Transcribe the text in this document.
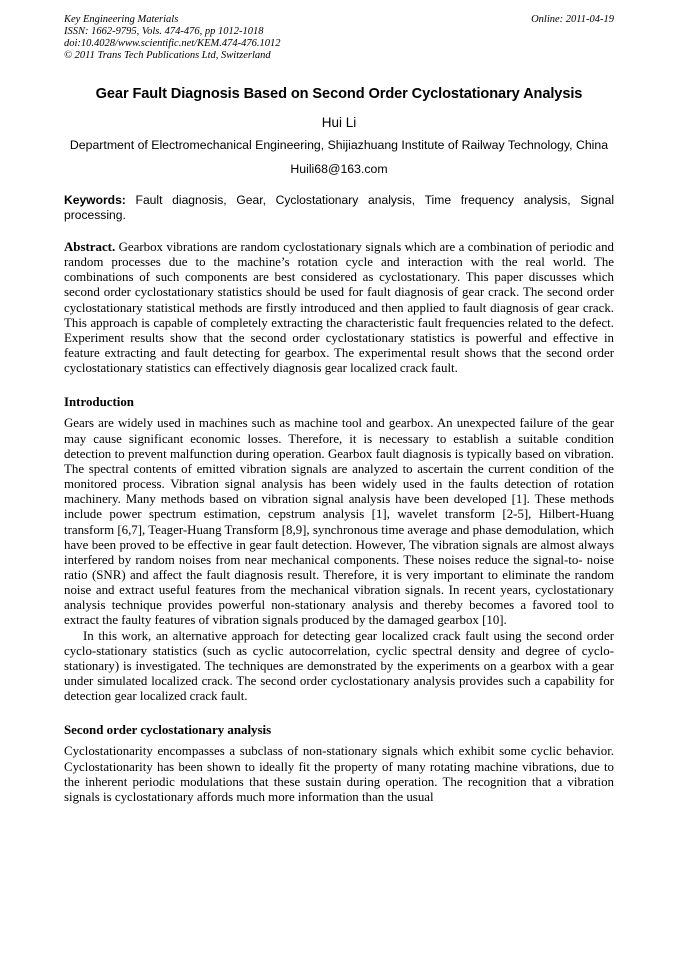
Key Engineering Materials
ISSN: 1662-9795, Vols. 474-476, pp 1012-1018
doi:10.4028/www.scientific.net/KEM.474-476.1012
© 2011 Trans Tech Publications Ltd, Switzerland
Online: 2011-04-19
Gear Fault Diagnosis Based on Second Order Cyclostationary Analysis
Hui Li
Department of Electromechanical Engineering, Shijiazhuang Institute of Railway Technology, China
Huili68@163.com
Keywords: Fault diagnosis, Gear, Cyclostationary analysis, Time frequency analysis, Signal processing.

Abstract. Gearbox vibrations are random cyclostationary signals which are a combination of periodic and random processes due to the machine’s rotation cycle and interaction with the real world. The combinations of such components are best considered as cyclostationary. This paper discusses which second order cyclostationary statistics should be used for fault diagnosis of gear crack. The second order cyclostationary statistical methods are firstly introduced and then applied to fault diagnosis of gear crack. This approach is capable of completely extracting the characteristic fault frequencies related to the defect. Experiment results show that the second order cyclostationary statistics is powerful and effective in feature extracting and fault detecting for gearbox. The experimental result shows that the second order cyclostationary statistics can effectively diagnosis gear localized crack fault.

Introduction

Gears are widely used in machines such as machine tool and gearbox. An unexpected failure of the gear may cause significant economic losses. Therefore, it is necessary to establish a suitable condition detection to prevent malfunction during operation. Gearbox fault diagnosis is typically based on vibration. The spectral contents of emitted vibration signals are analyzed to ascertain the current condition of the monitored process. Vibration signal analysis has been widely used in the faults detection of rotation machinery. Many methods based on vibration signal analysis have been developed [1]. These methods include power spectrum estimation, cepstrum analysis [1], wavelet transform [2-5], Hilbert-Huang transform [6,7], Teager-Huang Transform [8,9], synchronous time average and phase demodulation, which have been proved to be effective in gear fault detection. However, The vibration signals are almost always interfered by random noises from near mechanical components. These noises reduce the signal-to- noise ratio (SNR) and affect the fault diagnosis result. Therefore, it is very important to eliminate the random noise and extract useful features from the mechanical vibration signals. In recent years, cyclostationary analysis technique provides powerful non-stationary analysis and thereby becomes a favored tool to extract the faulty features of vibration signals produced by the damaged gearbox [10].

In this work, an alternative approach for detecting gear localized crack fault using the second order cyclo-stationary statistics (such as cyclic autocorrelation, cyclic spectral density and degree of cyclo-stationary) is investigated. The techniques are demonstrated by the experiments on a gearbox with a gear under simulated localized crack. The second order cyclostationary analysis provides such a capability for detection gear localized crack fault.

Second order cyclostationary analysis

Cyclostationarity encompasses a subclass of non-stationary signals which exhibit some cyclic behavior. Cyclostationarity has been shown to ideally fit the property of many rotating machine vibrations, due to the inherent periodic modulations that these sustain during operation. The recognition that a vibration signals is cyclostationary affords much more information than the usual
